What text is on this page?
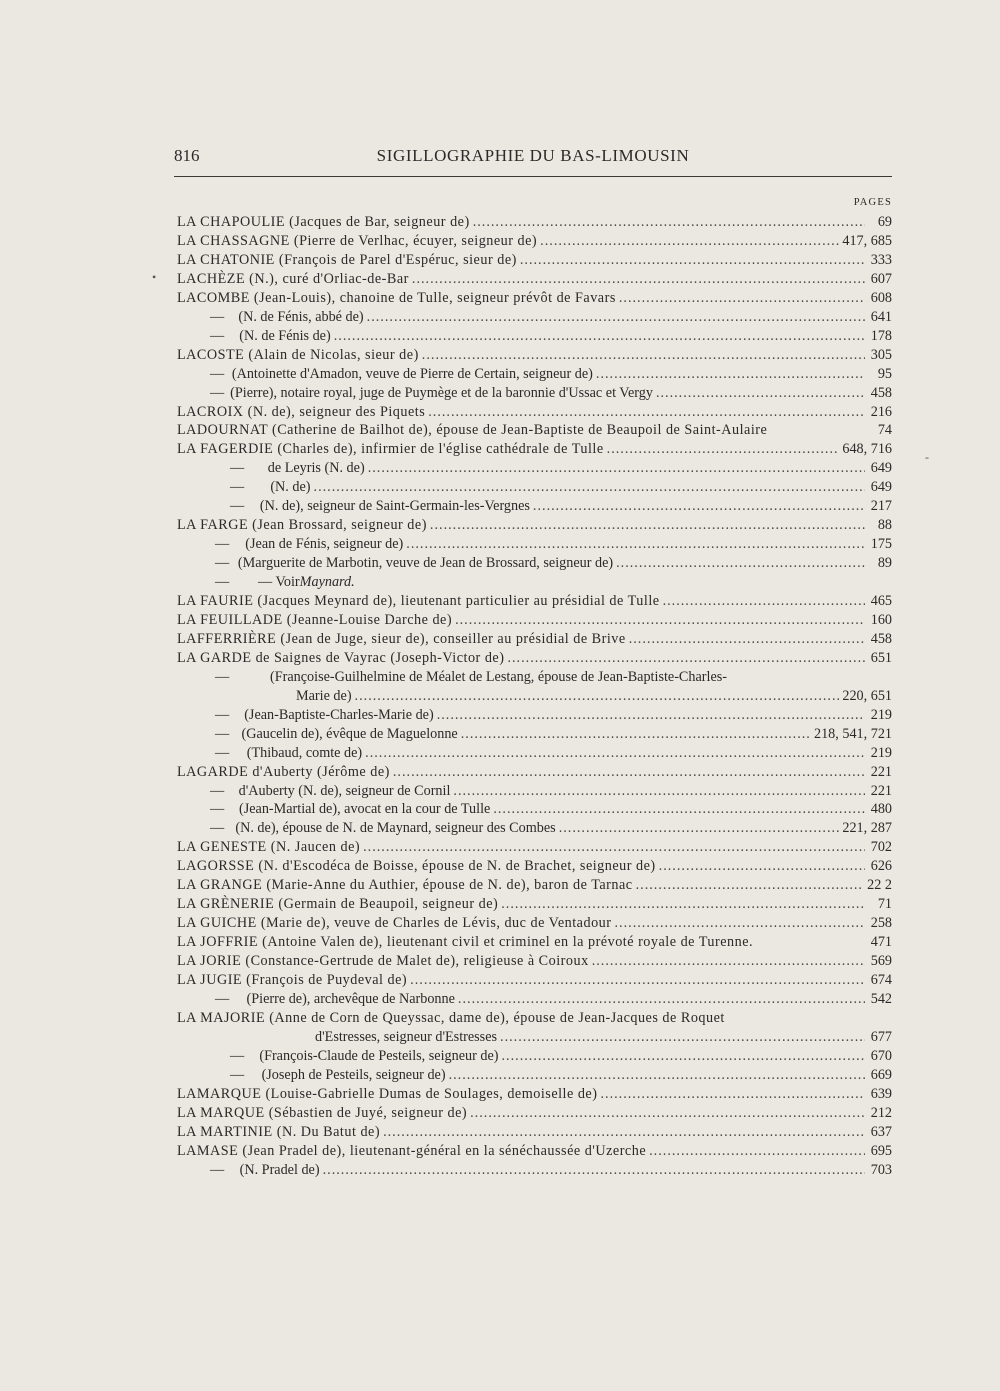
816	SIGILLOGRAPHIE DU BAS-LIMOUSIN
PAGES
LA CHAPOULIE (Jacques de Bar, seigneur de) .....	69
LA CHASSAGNE (Pierre de Verlhac, écuyer, seigneur de) .....	417, 685
LA CHATONIE (François de Parel d'Espéruc, sieur de) .....	333
LACHÈZE (N.), curé d'Orliac-de-Bar .....	607
LACOMBE (Jean-Louis), chanoine de Tulle, seigneur prévôt de Favars .....	608
— (N. de Fénis, abbé de) .....	641
— (N. de Fénis de) .....	178
LACOSTE (Alain de Nicolas, sieur de) .....	305
— (Antoinette d'Amadon, veuve de Pierre de Certain, seigneur de) .....	95
— (Pierre), notaire royal, juge de Puymège et de la baronnie d'Ussac et Vergy .....	458
LACROIX (N. de), seigneur des Piquets .....	216
LADOURNAT (Catherine de Bailhot de), épouse de Jean-Baptiste de Beaupoil de Saint-Aulaire	74
LA FAGERDIE (Charles de), infirmier de l'église cathédrale de Tulle .....	648, 716
— de Leyris (N. de) .....	649
— (N. de) .....	649
— (N. de), seigneur de Saint-Germain-les-Vergnes .....	217
LA FARGE (Jean Brossard, seigneur de) .....	88
— (Jean de Fénis, seigneur de) .....	175
— (Marguerite de Marbotin, veuve de Jean de Brossard, seigneur de) .....	89
— — Voir Maynard.
LA FAURIE (Jacques Meynard de), lieutenant particulier au présidial de Tulle .....	465
LA FEUILLADE (Jeanne-Louise Darche de) .....	160
LAFFERRIÈRE (Jean de Juge, sieur de), conseiller au présidial de Brive .....	458
LA GARDE de Saignes de Vayrac (Joseph-Victor de) .....	651
—	(Françoise-Guilhelmine de Méalet de Lestang, épouse de Jean-Baptiste-Charles-
Marie de) .....	220, 651
— (Jean-Baptiste-Charles-Marie de) .....	219
— (Gaucelin de), évêque de Maguelonne .....	218, 541, 721
— (Thibaud, comte de) .....	219
LAGARDE d'Auberty (Jérôme de) .....	221
— d'Auberty (N. de), seigneur de Cornil .....	221
— (Jean-Martial de), avocat en la cour de Tulle .....	480
— (N. de), épouse de N. de Maynard, seigneur des Combes .....	221, 287
LA GENESTE (N. Jaucen de) .....	702
LAGORSSE (N. d'Escodéca de Boisse, épouse de N. de Brachet, seigneur de) .....	626
LA GRANGE (Marie-Anne du Authier, épouse de N. de), baron de Tarnac .....	22 2
LA GRÈNERIE (Germain de Beaupoil, seigneur de) .....	71
LA GUICHE (Marie de), veuve de Charles de Lévis, duc de Ventadour .....	258
LA JOFFRIE (Antoine Valen de), lieutenant civil et criminel en la prévoté royale de Turenne.	471
LA JORIE (Constance-Gertrude de Malet de), religieuse à Coiroux .....	569
LA JUGIE (François de Puydeval de) .....	674
— (Pierre de), archevêque de Narbonne .....	542
LA MAJORIE (Anne de Corn de Queyssac, dame de), épouse de Jean-Jacques de Roquet
d'Estresses, seigneur d'Estresses .....	677
— (François-Claude de Pesteils, seigneur de) .....	670
— (Joseph de Pesteils, seigneur de) .....	669
LAMARQUE (Louise-Gabrielle Dumas de Soulages, demoiselle de) .....	639
LA MARQUE (Sébastien de Juyé, seigneur de) .....	212
LA MARTINIE (N. Du Batut de) .....	637
LAMASE (Jean Pradel de), lieutenant-général en la sénéchaussée d'Uzerche .....	695
— (N. Pradel de) .....	703
•
-
